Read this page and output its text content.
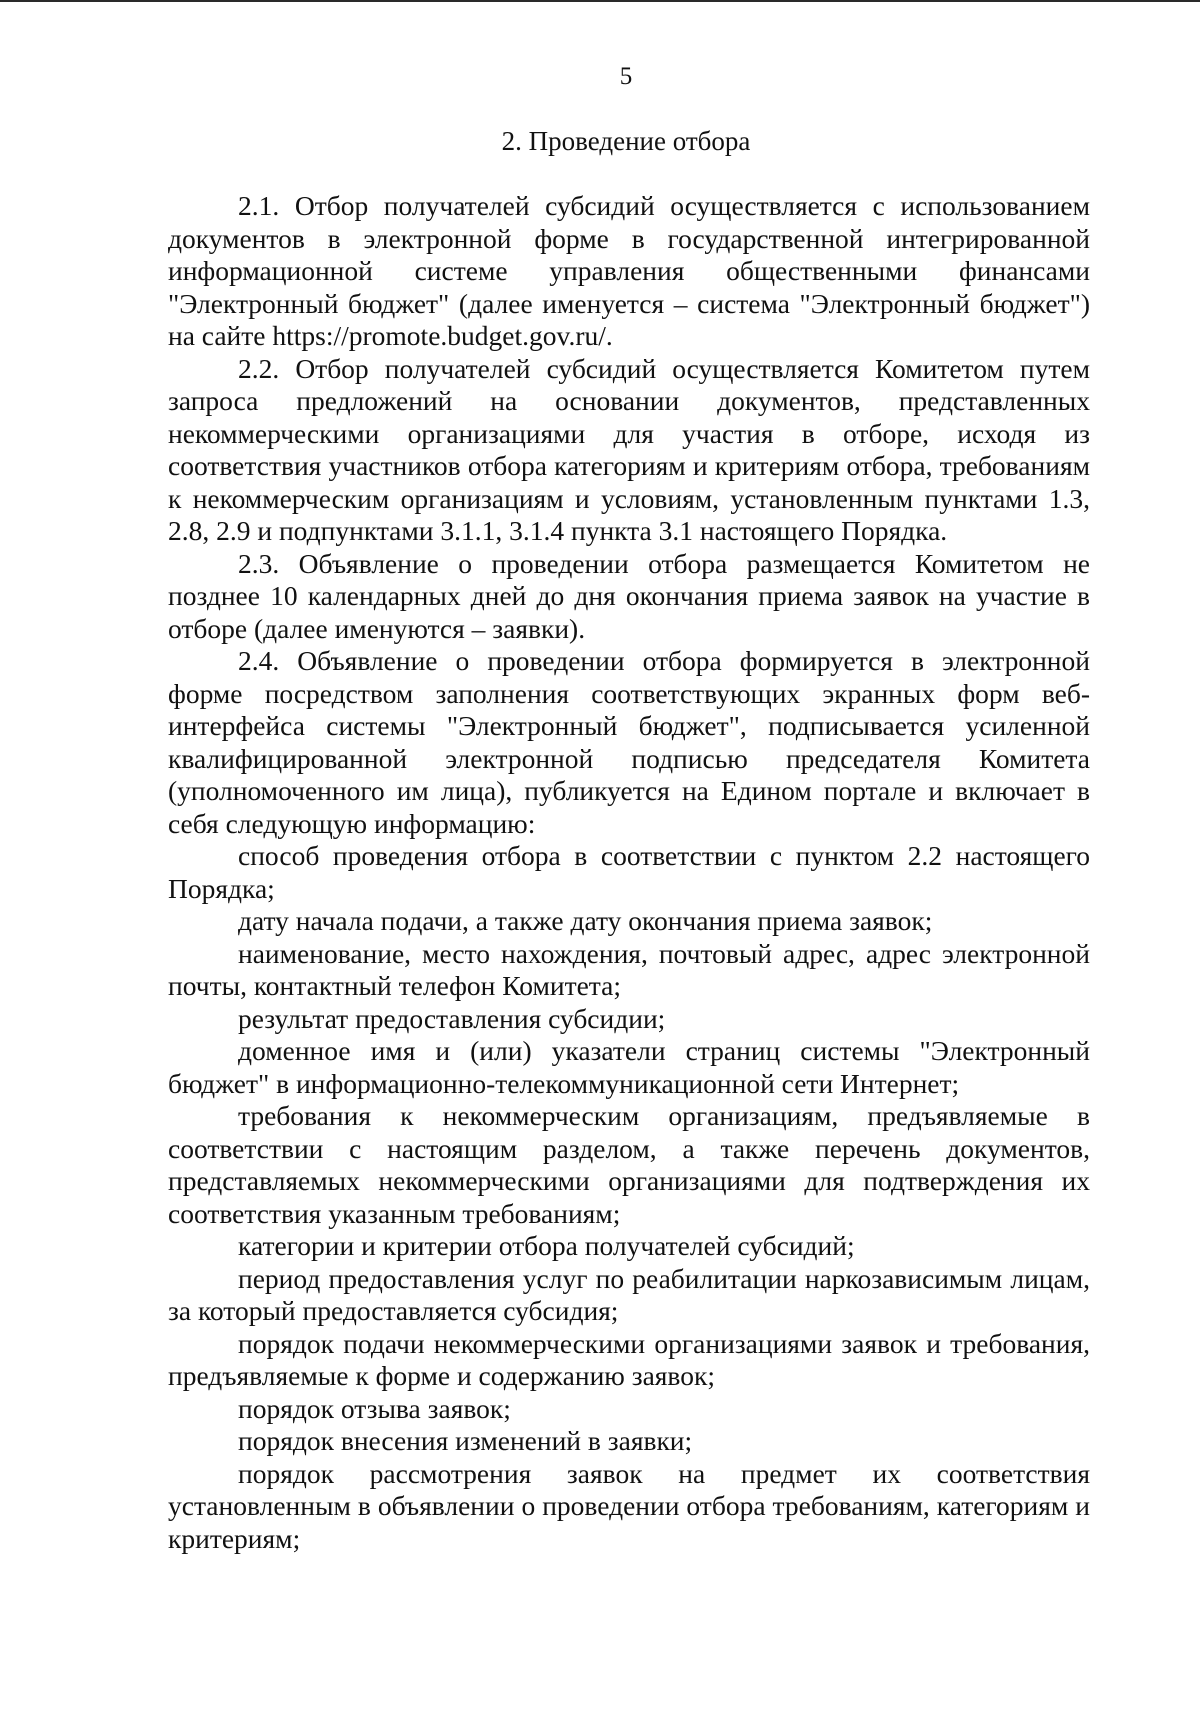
5
2. Проведение отбора

2.1. Отбор получателей субсидий осуществляется с использованием документов в электронной форме в государственной интегрированной информационной системе управления общественными финансами "Электронный бюджет" (далее именуется – система "Электронный бюджет") на сайте https://promote.budget.gov.ru/.

2.2. Отбор получателей субсидий осуществляется Комитетом путем запроса предложений на основании документов, представленных некоммерческими организациями для участия в отборе, исходя из соответствия участников отбора категориям и критериям отбора, требованиям к некоммерческим организациям и условиям, установленным пунктами 1.3, 2.8, 2.9 и подпунктами 3.1.1, 3.1.4 пункта 3.1 настоящего Порядка.

2.3. Объявление о проведении отбора размещается Комитетом не позднее 10 календарных дней до дня окончания приема заявок на участие в отборе (далее именуются – заявки).

2.4. Объявление о проведении отбора формируется в электронной форме посредством заполнения соответствующих экранных форм веб-интерфейса системы "Электронный бюджет", подписывается усиленной квалифицированной электронной подписью председателя Комитета (уполномоченного им лица), публикуется на Едином портале и включает в себя следующую информацию:

способ проведения отбора в соответствии с пунктом 2.2 настоящего Порядка;

дату начала подачи, а также дату окончания приема заявок;

наименование, место нахождения, почтовый адрес, адрес электронной почты, контактный телефон Комитета;

результат предоставления субсидии;

доменное имя и (или) указатели страниц системы "Электронный бюджет" в информационно-телекоммуникационной сети Интернет;

требования к некоммерческим организациям, предъявляемые в соответствии с настоящим разделом, а также перечень документов, представляемых некоммерческими организациями для подтверждения их соответствия указанным требованиям;

категории и критерии отбора получателей субсидий;

период предоставления услуг по реабилитации наркозависимым лицам, за который предоставляется субсидия;

порядок подачи некоммерческими организациями заявок и требования, предъявляемые к форме и содержанию заявок;

порядок отзыва заявок;

порядок внесения изменений в заявки;

порядок рассмотрения заявок на предмет их соответствия установленным в объявлении о проведении отбора требованиям, категориям и критериям;
